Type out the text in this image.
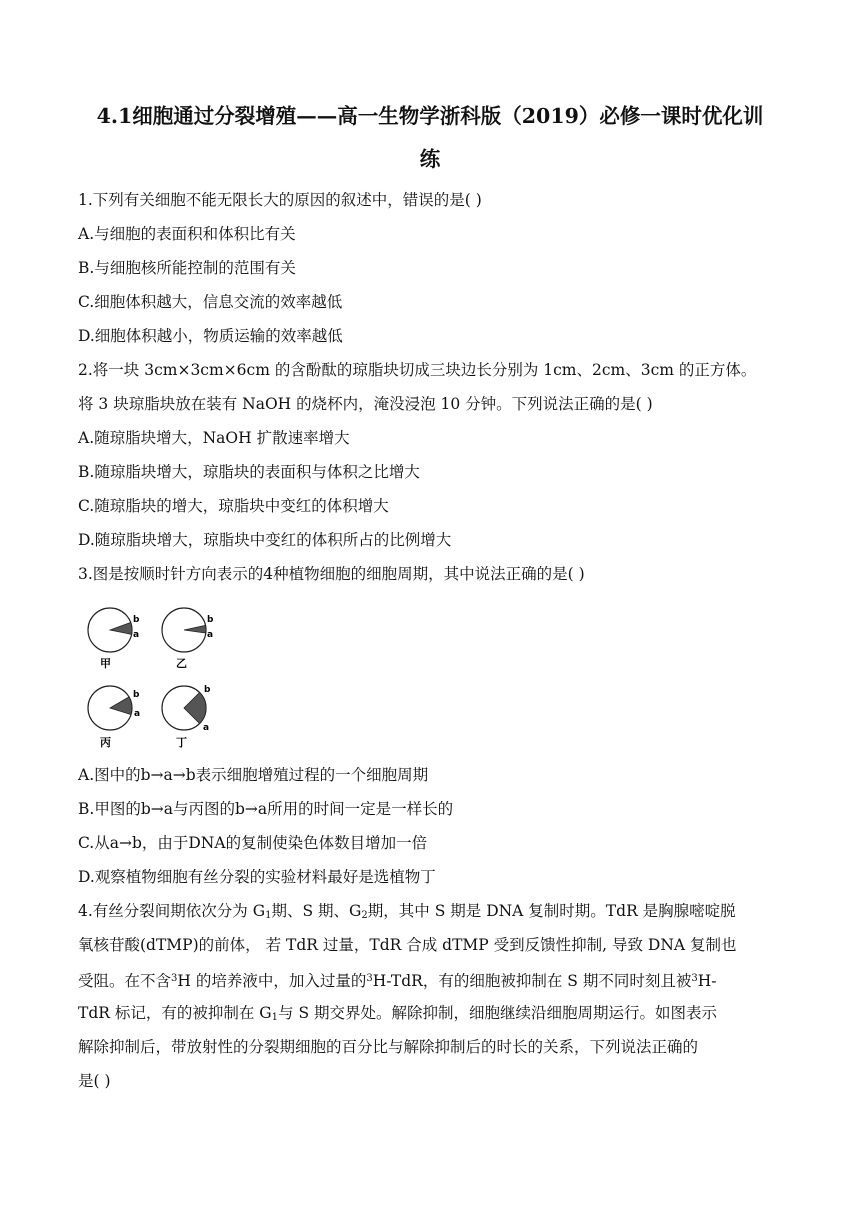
4.1细胞通过分裂增殖——高一生物学浙科版（2019）必修一课时优化训
练
1.下列有关细胞不能无限长大的原因的叙述中，错误的是( )
A.与细胞的表面积和体积比有关
B.与细胞核所能控制的范围有关
C.细胞体积越大，信息交流的效率越低
D.细胞体积越小，物质运输的效率越低
2.将一块 3cm×3cm×6cm 的含酚酞的琼脂块切成三块边长分别为 1cm、2cm、3cm 的正方体。
将 3 块琼脂块放在装有 NaOH 的烧杯内，淹没浸泡 10 分钟。下列说法正确的是( )
A.随琼脂块增大，NaOH 扩散速率增大
B.随琼脂块增大，琼脂块的表面积与体积之比增大
C.随琼脂块的增大，琼脂块中变红的体积增大
D.随琼脂块增大，琼脂块中变红的体积所占的比例增大
3.图是按顺时针方向表示的4种植物细胞的细胞周期，其中说法正确的是( )
b
a
甲
b
a
乙
b
a
丙
b
a
丁
A.图中的b→a→b表示细胞增殖过程的一个细胞周期
B.甲图的b→a与丙图的b→a所用的时间一定是一样长的
C.从a→b，由于DNA的复制使染色体数目增加一倍
D.观察植物细胞有丝分裂的实验材料最好是选植物丁
4.有丝分裂间期依次分为 $G_1$期、S 期、$G_2$期，其中 S 期是 DNA 复制时期。TdR 是胸腺嘧啶脱
氧核苷酸(dTMP)的前体， 若 TdR 过量，TdR 合成 dTMP 受到反馈性抑制, 导致 DNA 复制也
受阻。在不含$^3$H 的培养液中，加入过量的$^3$H-TdR，有的细胞被抑制在 S 期不同时刻且被$^3$H-
TdR 标记，有的被抑制在 $G_1$与 S 期交界处。解除抑制，细胞继续沿细胞周期运行。如图表示
解除抑制后，带放射性的分裂期细胞的百分比与解除抑制后的时长的关系，下列说法正确的
是( )
